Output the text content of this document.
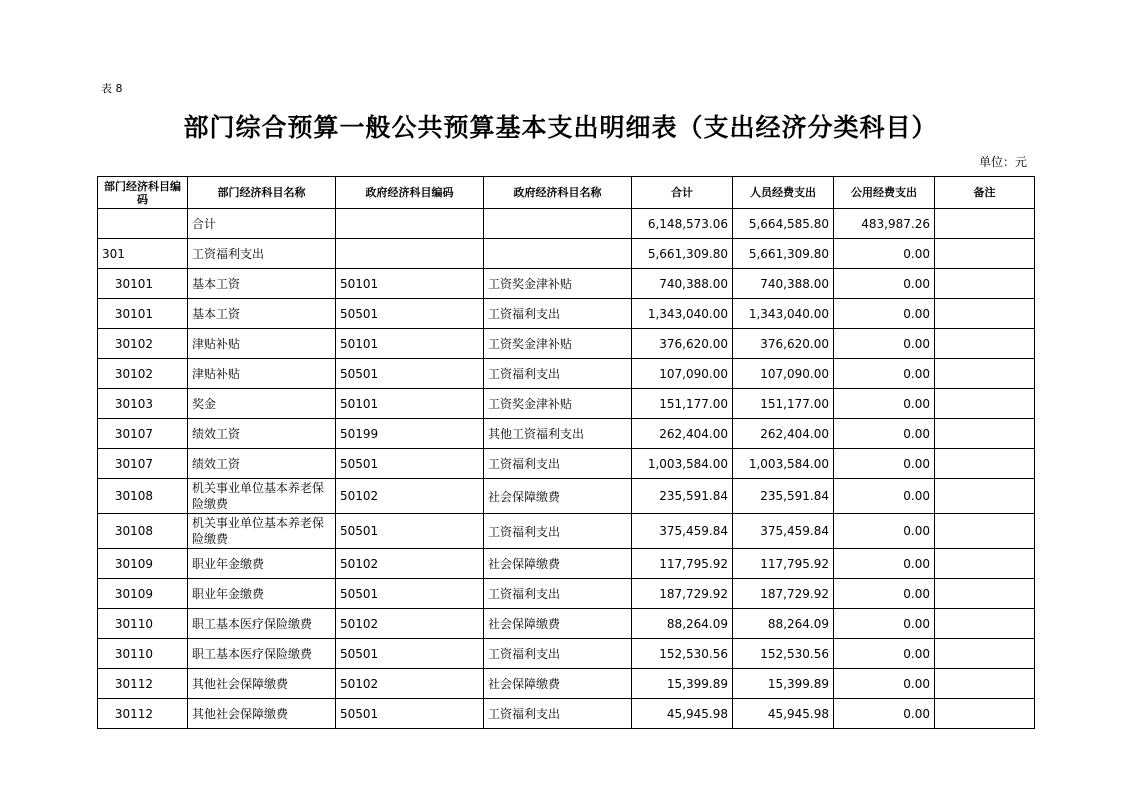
表 8
部门综合预算一般公共预算基本支出明细表（支出经济分类科目）
单位：元
部门经济科目编码	部门经济科目名称	政府经济科目编码	政府经济科目名称	合计	人员经费支出	公用经费支出	备注
	合计			6,148,573.06	5,664,585.80	483,987.26	
301	工资福利支出			5,661,309.80	5,661,309.80	0.00	
30101	基本工资	50101	工资奖金津补贴	740,388.00	740,388.00	0.00	
30101	基本工资	50501	工资福利支出	1,343,040.00	1,343,040.00	0.00	
30102	津贴补贴	50101	工资奖金津补贴	376,620.00	376,620.00	0.00	
30102	津贴补贴	50501	工资福利支出	107,090.00	107,090.00	0.00	
30103	奖金	50101	工资奖金津补贴	151,177.00	151,177.00	0.00	
30107	绩效工资	50199	其他工资福利支出	262,404.00	262,404.00	0.00	
30107	绩效工资	50501	工资福利支出	1,003,584.00	1,003,584.00	0.00	
30108	机关事业单位基本养老保险缴费	50102	社会保障缴费	235,591.84	235,591.84	0.00	
30108	机关事业单位基本养老保险缴费	50501	工资福利支出	375,459.84	375,459.84	0.00	
30109	职业年金缴费	50102	社会保障缴费	117,795.92	117,795.92	0.00	
30109	职业年金缴费	50501	工资福利支出	187,729.92	187,729.92	0.00	
30110	职工基本医疗保险缴费	50102	社会保障缴费	88,264.09	88,264.09	0.00	
30110	职工基本医疗保险缴费	50501	工资福利支出	152,530.56	152,530.56	0.00	
30112	其他社会保障缴费	50102	社会保障缴费	15,399.89	15,399.89	0.00	
30112	其他社会保障缴费	50501	工资福利支出	45,945.98	45,945.98	0.00	
